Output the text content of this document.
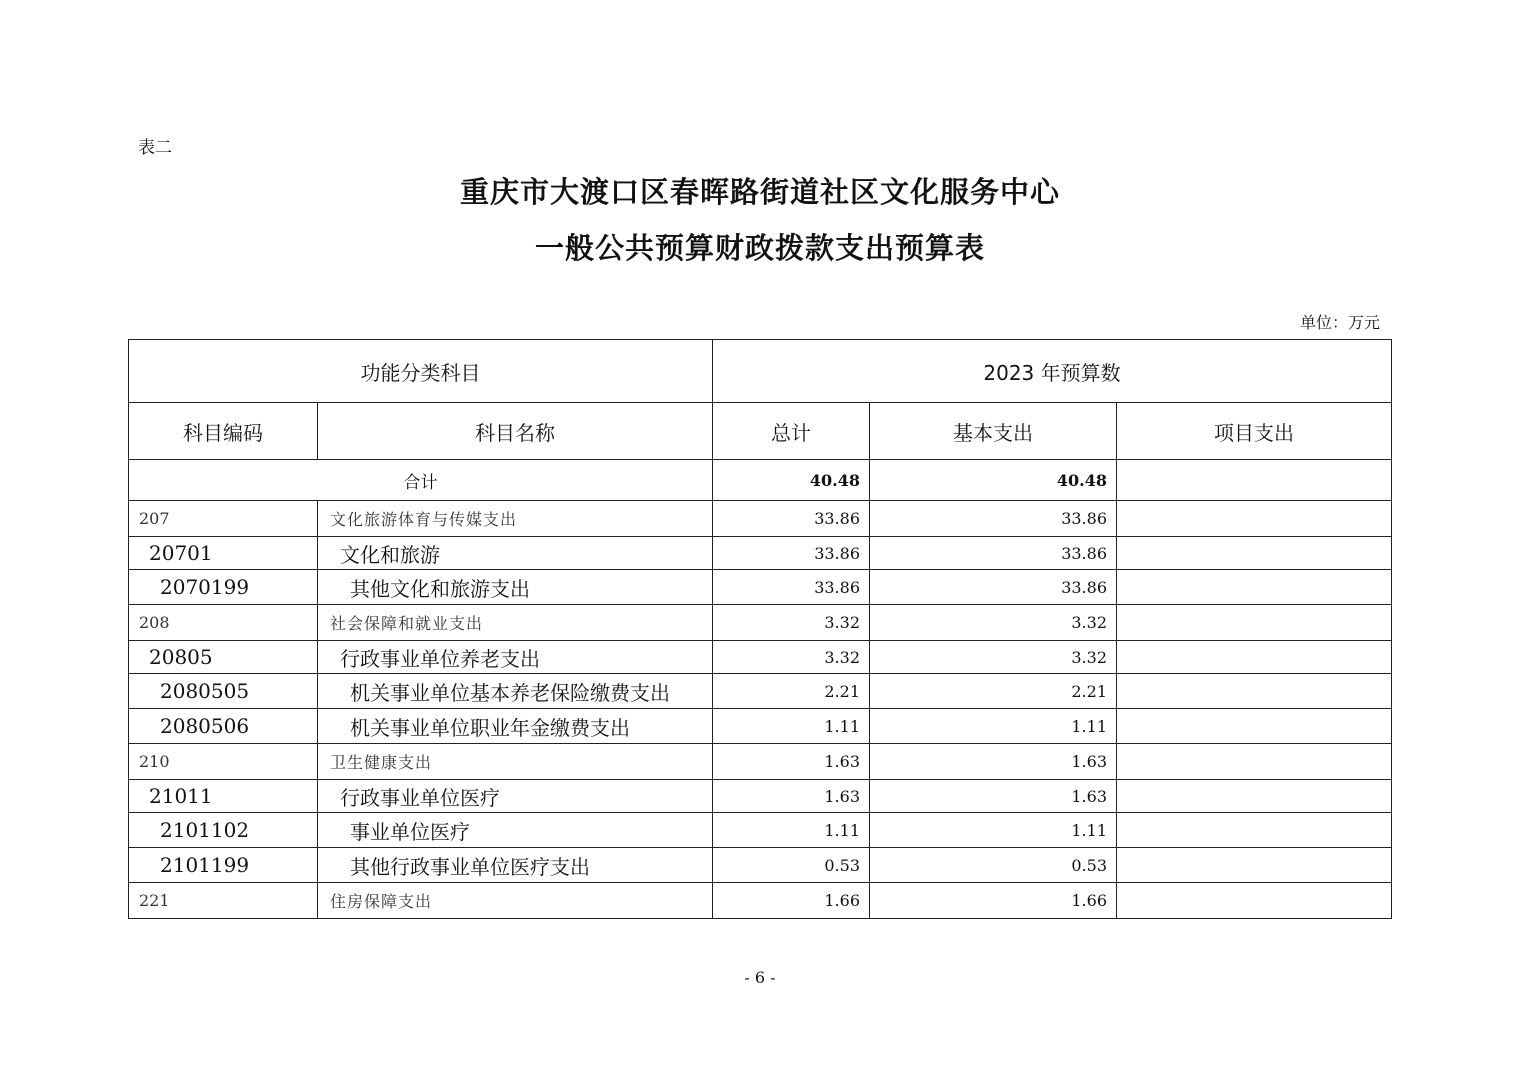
表二
重庆市大渡口区春晖路街道社区文化服务中心
一般公共预算财政拨款支出预算表
单位：万元
功能分类科目		2023 年预算数		
科目编码	科目名称	总计	基本支出	项目支出
合计		40.48	40.48	
207	文化旅游体育与传媒支出	33.86	33.86	
20701	文化和旅游	33.86	33.86	
2070199	其他文化和旅游支出	33.86	33.86	
208	社会保障和就业支出	3.32	3.32	
20805	行政事业单位养老支出	3.32	3.32	
2080505	机关事业单位基本养老保险缴费支出	2.21	2.21	
2080506	机关事业单位职业年金缴费支出	1.11	1.11	
210	卫生健康支出	1.63	1.63	
21011	行政事业单位医疗	1.63	1.63	
2101102	事业单位医疗	1.11	1.11	
2101199	其他行政事业单位医疗支出	0.53	0.53	
221	住房保障支出	1.66	1.66	
- 6 -
